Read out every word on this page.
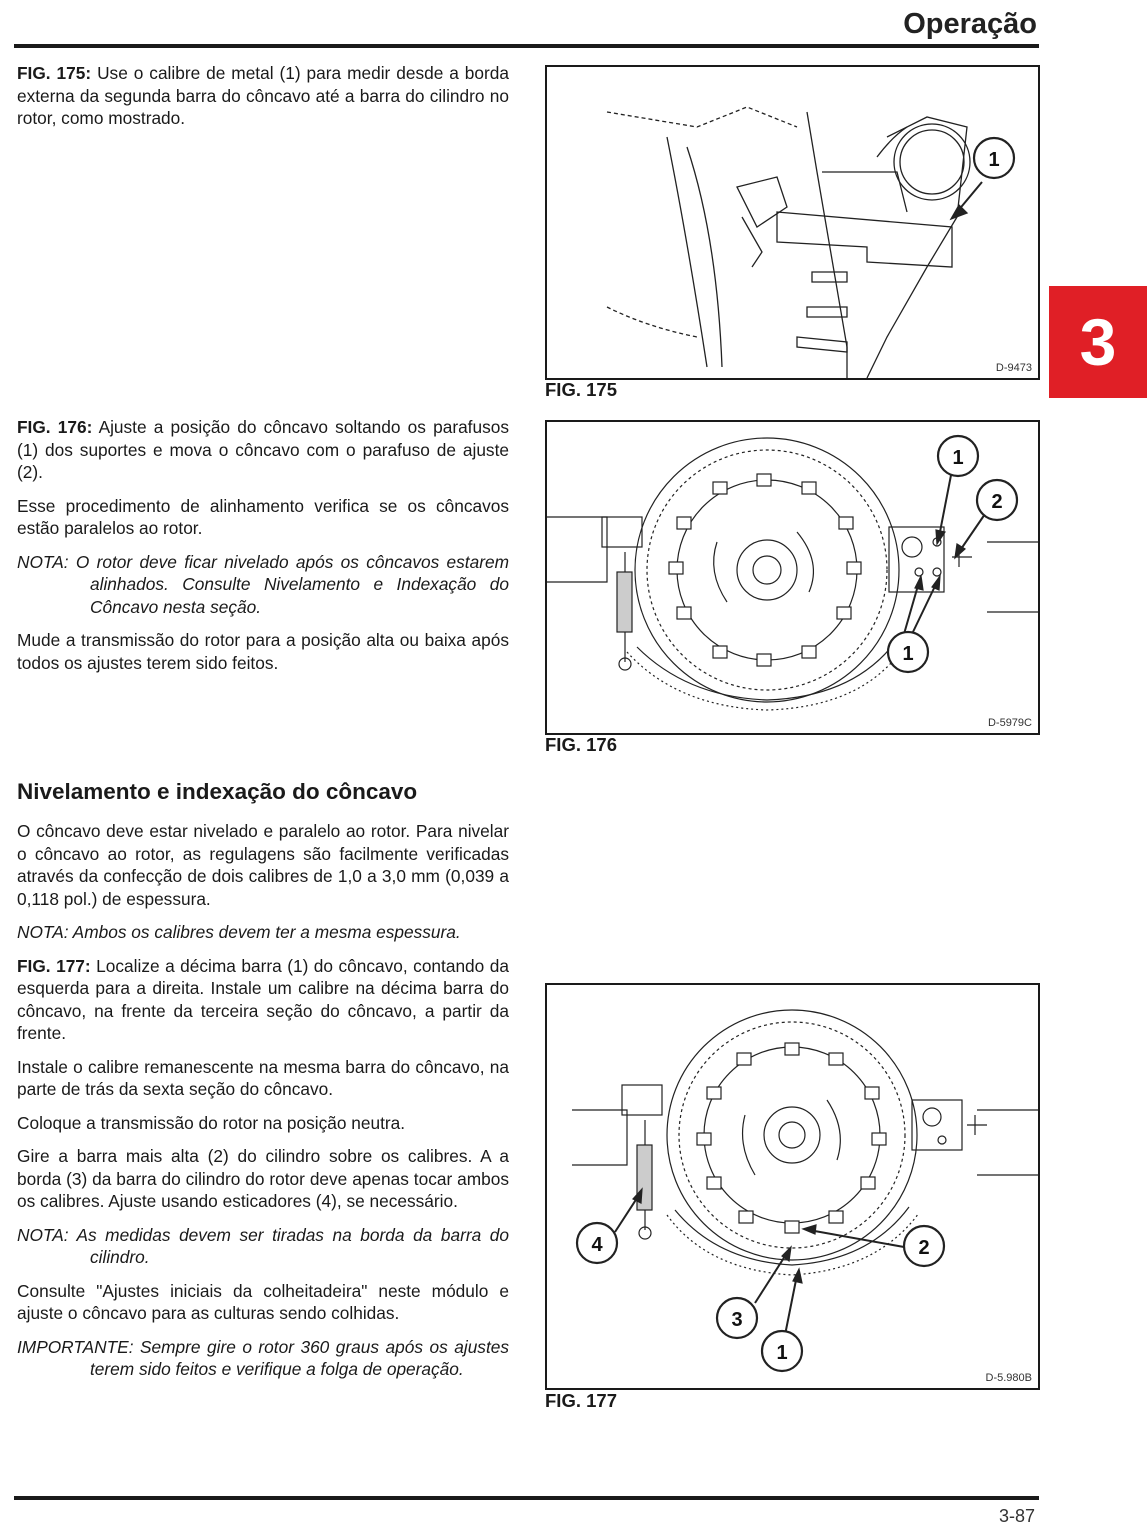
Operação
3

FIG. 175: Use o calibre de metal (1) para medir desde a borda externa da segunda barra do côncavo até a barra do cilindro no rotor, como mostrado.

FIG. 176: Ajuste a posição do côncavo soltando os parafusos (1) dos suportes e mova o côncavo com o parafuso de ajuste (2).

Esse procedimento de alinhamento verifica se os côncavos estão paralelos ao rotor.

NOTA: O rotor deve ficar nivelado após os côncavos estarem alinhados. Consulte Nivelamento e Indexação do Côncavo nesta seção.

Mude a transmissão do rotor para a posição alta ou baixa após todos os ajustes terem sido feitos.

Nivelamento e indexação do côncavo

O côncavo deve estar nivelado e paralelo ao rotor. Para nivelar o côncavo ao rotor, as regulagens são facilmente verificadas através da confecção de dois calibres de 1,0 a 3,0 mm (0,039 a 0,118 pol.) de espessura.

NOTA: Ambos os calibres devem ter a mesma espessura.

FIG. 177: Localize a décima barra (1) do côncavo, contando da esquerda para a direita. Instale um calibre na décima barra do côncavo, na frente da terceira seção do côncavo, a partir da frente.

Instale o calibre remanescente na mesma barra do côncavo, na parte de trás da sexta seção do côncavo.

Coloque a transmissão do rotor na posição neutra.

Gire a barra mais alta (2) do cilindro sobre os calibres. A a borda (3) da barra do cilindro do rotor deve apenas tocar ambos os calibres. Ajuste usando esticadores (4), se necessário.

NOTA: As medidas devem ser tiradas na borda da barra do cilindro.

Consulte "Ajustes iniciais da colheitadeira" neste módulo e ajuste o côncavo para as culturas sendo colhidas.

IMPORTANTE: Sempre gire o rotor 360 graus após os ajustes terem sido feitos e verifique a folga de operação.

1
D-9473
FIG. 175
1
2
1
D-5979C
FIG. 176
4	2
3
1
D-5.980B
FIG. 177
3-87
